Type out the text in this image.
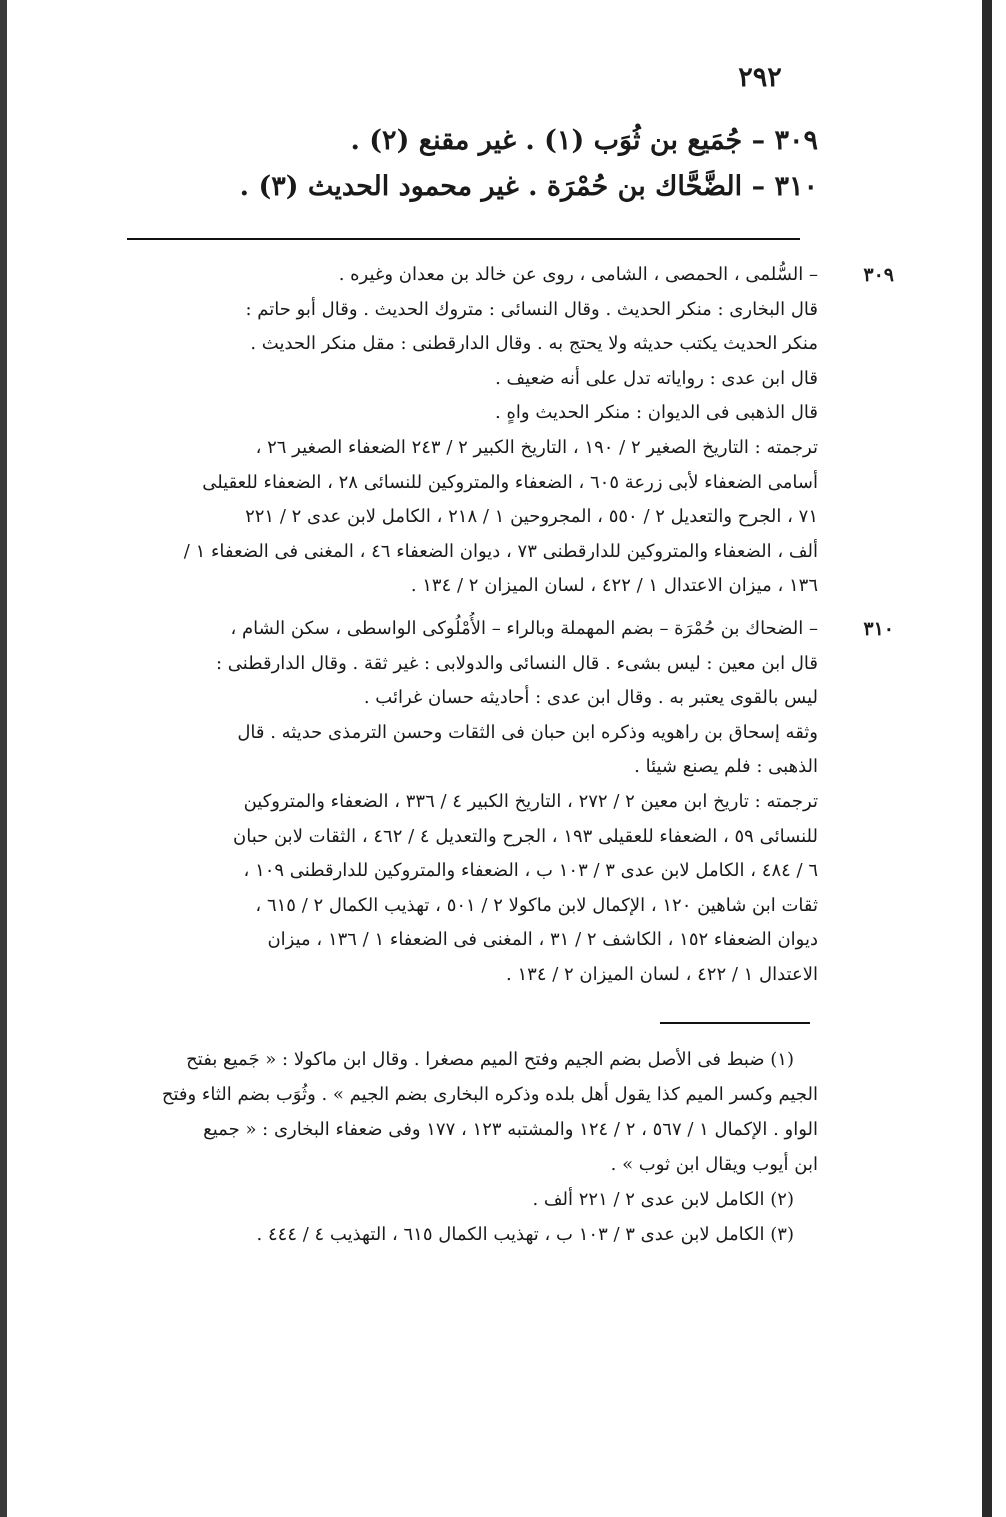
٢٩٢
٣٠٩ – جُمَيع بن ثُوَب (١) . غير مقنع (٢) .
٣١٠ – الضَّحَّاك بن حُمْرَة . غير محمود الحديث (٣) .
٣٠٩
– السُّلمى ، الحمصى ، الشامى ، روى عن خالد بن معدان وغيره .
قال البخارى : منكر الحديث . وقال النسائى : متروك الحديث . وقال أبو حاتم :
منكر الحديث يكتب حديثه ولا يحتج به . وقال الدارقطنى : مقل منكر الحديث .
قال ابن عدى : رواياته تدل على أنه ضعيف .
قال الذهبى فى الديوان : منكر الحديث واهٍ .
ترجمته : التاريخ الصغير ٢ / ١٩٠ ، التاريخ الكبير ٢ / ٢٤٣ الضعفاء الصغير ٢٦ ،
أسامى الضعفاء لأبى زرعة ٦٠٥ ، الضعفاء والمتروكين للنسائى ٢٨ ، الضعفاء للعقيلى
٧١ ، الجرح والتعديل ٢ / ٥٥٠ ، المجروحين ١ / ٢١٨ ، الكامل لابن عدى ٢ / ٢٢١
ألف ، الضعفاء والمتروكين للدارقطنى ٧٣ ، ديوان الضعفاء ٤٦ ، المغنى فى الضعفاء ١ /
١٣٦ ، ميزان الاعتدال ١ / ٤٢٢ ، لسان الميزان ٢ / ١٣٤ .
٣١٠
– الضحاك بن حُمْرَة – بضم المهملة وبالراء – الأُمْلُوكى الواسطى ، سكن الشام ،
قال ابن معين : ليس بشىء . قال النسائى والدولابى : غير ثقة . وقال الدارقطنى :
ليس بالقوى يعتبر به . وقال ابن عدى : أحاديثه حسان غرائب .
وثقه إسحاق بن راهويه وذكره ابن حبان فى الثقات وحسن الترمذى حديثه . قال
الذهبى : فلم يصنع شيئا .
ترجمته : تاريخ ابن معين ٢ / ٢٧٢ ، التاريخ الكبير ٤ / ٣٣٦ ، الضعفاء والمتروكين
للنسائى ٥٩ ، الضعفاء للعقيلى ١٩٣ ، الجرح والتعديل ٤ / ٤٦٢ ، الثقات لابن حبان
٦ / ٤٨٤ ، الكامل لابن عدى ٣ / ١٠٣ ب ، الضعفاء والمتروكين للدارقطنى ١٠٩ ،
ثقات ابن شاهين ١٢٠ ، الإكمال لابن ماكولا ٢ / ٥٠١ ، تهذيب الكمال ٢ / ٦١٥ ،
ديوان الضعفاء ١٥٢ ، الكاشف ٢ / ٣١ ، المغنى فى الضعفاء ١ / ١٣٦ ، ميزان
الاعتدال ١ / ٤٢٢ ، لسان الميزان ٢ / ١٣٤ .
(١) ضبط فى الأصل بضم الجيم وفتح الميم مصغرا . وقال ابن ماكولا : « جَميع بفتح
الجيم وكسر الميم كذا يقول أهل بلده وذكره البخارى بضم الجيم » . وثُوَب بضم الثاء وفتح
الواو . الإكمال ١ / ٥٦٧ ، ٢ / ١٢٤ والمشتبه ١٢٣ ، ١٧٧ وفى ضعفاء البخارى : « جميع
ابن أيوب ويقال ابن ثوب » .
(٢) الكامل لابن عدى ٢ / ٢٢١ ألف .
(٣) الكامل لابن عدى ٣ / ١٠٣ ب ، تهذيب الكمال ٦١٥ ، التهذيب ٤ / ٤٤٤ .
